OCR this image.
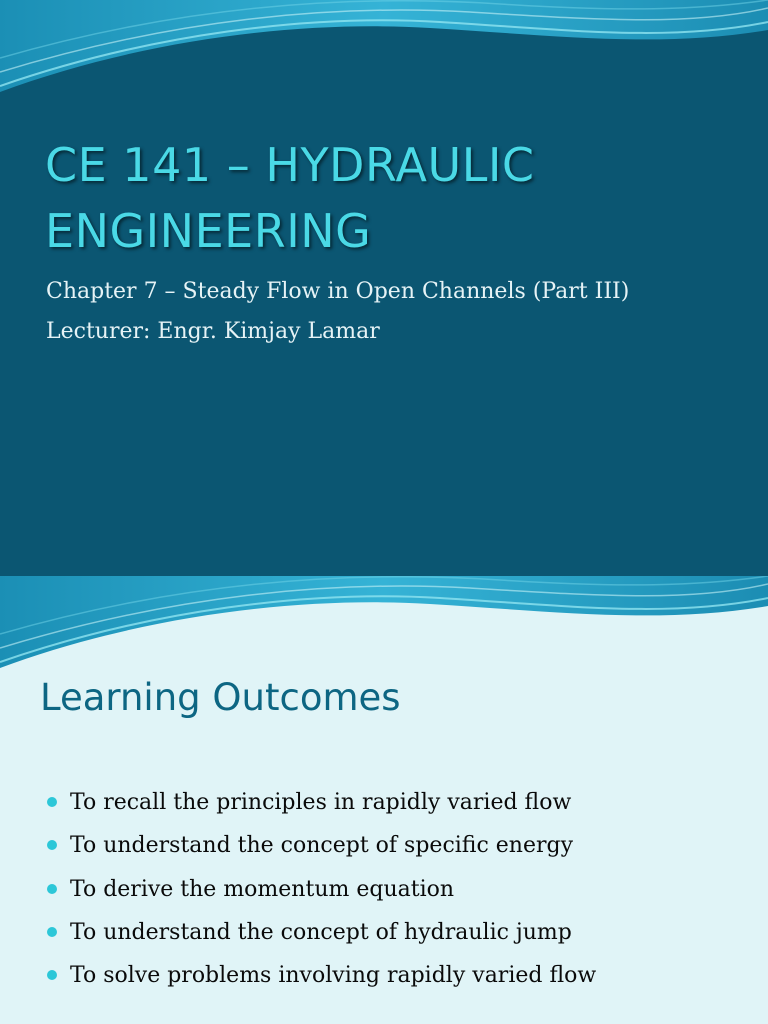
CE 141 – HYDRAULIC ENGINEERING

Chapter 7 – Steady Flow in Open Channels (Part III)

Lecturer: Engr. Kimjay Lamar

Learning Outcomes
To recall the principles in rapidly varied flow
To understand the concept of specific energy
To derive the momentum equation
To understand the concept of hydraulic jump
To solve problems involving rapidly varied flow
